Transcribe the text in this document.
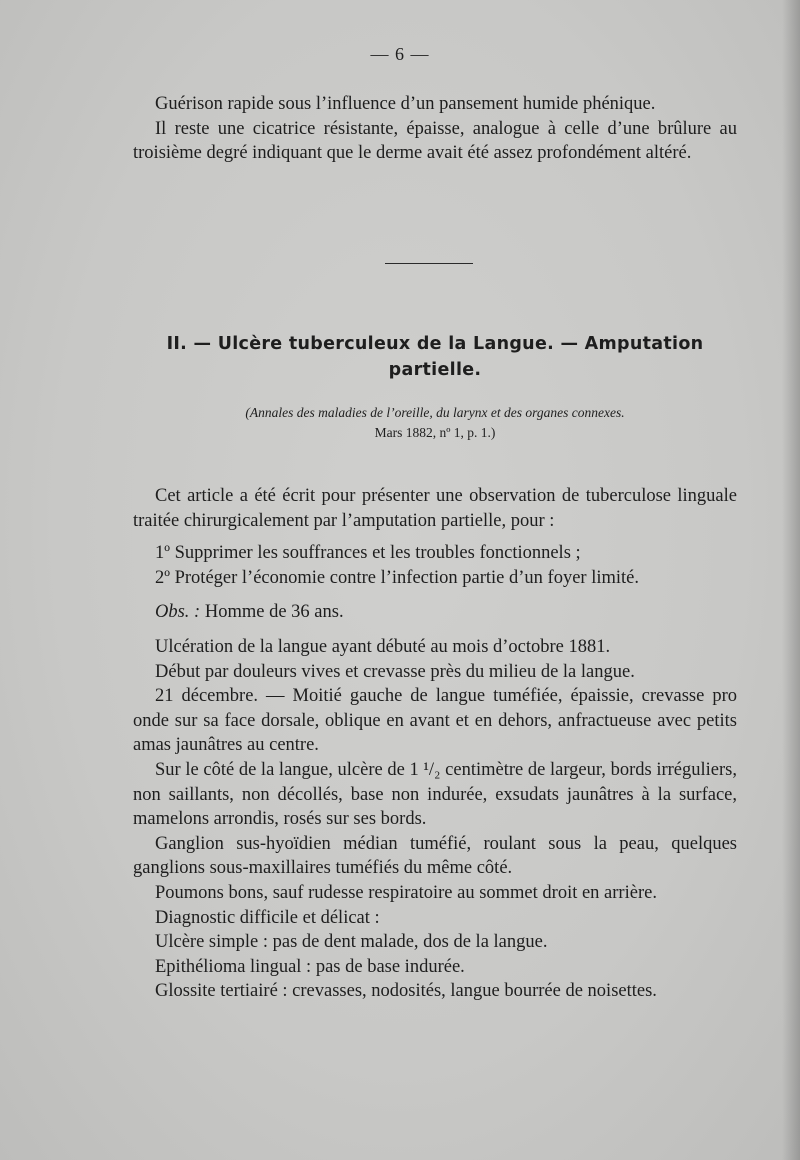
— 6 —

Guérison rapide sous l’influence d’un pansement humide phénique.

Il reste une cicatrice résistante, épaisse, analogue à celle d’une brûlure au troisième degré indiquant que le derme avait été assez profondément altéré.

II. — Ulcère tuberculeux de la Langue. — Amputation partielle.
(Annales des maladies de l’oreille, du larynx et des organes connexes.
Mars 1882, nº 1, p. 1.)

Cet article a été écrit pour présenter une observation de tuberculose linguale traitée chirurgicalement par l’amputation partielle, pour :

1º Supprimer les souffrances et les troubles fonctionnels ;

2º Protéger l’économie contre l’infection partie d’un foyer limité.

Obs. : Homme de 36 ans.

Ulcération de la langue ayant débuté au mois d’octobre 1881.

Début par douleurs vives et crevasse près du milieu de la langue.

21 décembre. — Moitié gauche de langue tuméfiée, épaissie, crevasse pro onde sur sa face dorsale, oblique en avant et en dehors, anfractueuse avec petits amas jaunâtres au centre.

Sur le côté de la langue, ulcère de 1 ¹/₂ centimètre de largeur, bords irréguliers, non saillants, non décollés, base non indurée, exsudats jaunâtres à la surface, mamelons arrondis, rosés sur ses bords.

Ganglion sus-hyoïdien médian tuméfié, roulant sous la peau, quelques ganglions sous-maxillaires tuméfiés du même côté.

Poumons bons, sauf rudesse respiratoire au sommet droit en arrière.

Diagnostic difficile et délicat :

Ulcère simple : pas de dent malade, dos de la langue.

Epithélioma lingual : pas de base indurée.

Glossite tertiairé : crevasses, nodosités, langue bourrée de noisettes.
